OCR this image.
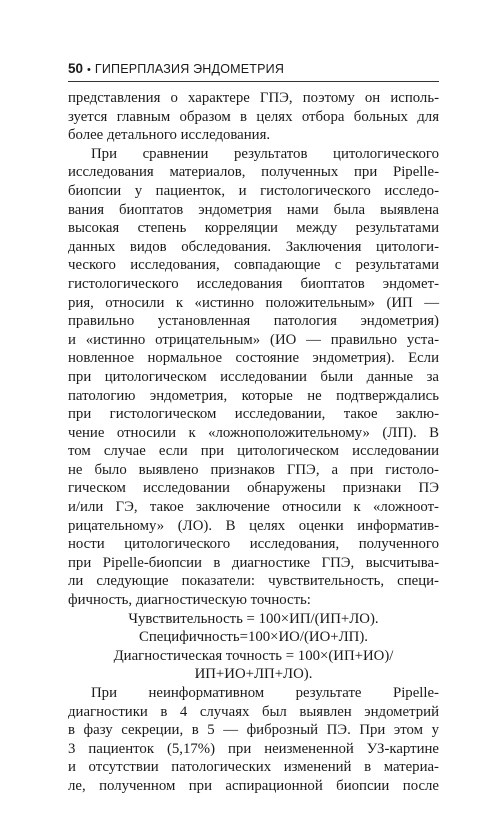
50 • ГИПЕРПЛАЗИЯ ЭНДОМЕТРИЯ
представления о характере ГПЭ, поэтому он исполь-
зуется главным образом в целях отбора больных для
более детального исследования.
При сравнении результатов цитологического
исследования материалов, полученных при Pipelle-
биопсии у пациенток, и гистологического исследо-
вания биоптатов эндометрия нами была выявлена
высокая степень корреляции между результатами
данных видов обследования. Заключения цитологи-
ческого исследования, совпадающие с результатами
гистологического исследования биоптатов эндомет-
рия, относили к «истинно положительным» (ИП —
правильно установленная патология эндометрия)
и «истинно отрицательным» (ИО — правильно уста-
новленное нормальное состояние эндометрия). Если
при цитологическом исследовании были данные за
патологию эндометрия, которые не подтверждались
при гистологическом исследовании, такое заклю-
чение относили к «ложноположительному» (ЛП). В
том случае если при цитологическом исследовании
не было выявлено признаков ГПЭ, а при гистоло-
гическом исследовании обнаружены признаки ПЭ
и/или ГЭ, такое заключение относили к «ложноот-
рицательному» (ЛО). В целях оценки информатив-
ности цитологического исследования, полученного
при Pipelle-биопсии в диагностике ГПЭ, высчитыва-
ли следующие показатели: чувствительность, специ-
фичность, диагностическую точность:
Чувствительность = 100×ИП/(ИП+ЛО).
Специфичность=100×ИО/(ИО+ЛП).
Диагностическая точность = 100×(ИП+ИО)/
ИП+ИО+ЛП+ЛО).
При неинформативном результате Pipelle-
диагностики в 4 случаях был выявлен эндометрий
в фазу секреции, в 5 — фиброзный ПЭ. При этом у
3 пациенток (5,17%) при неизмененной УЗ-картине
и отсутствии патологических изменений в материа-
ле, полученном при аспирационной биопсии после
